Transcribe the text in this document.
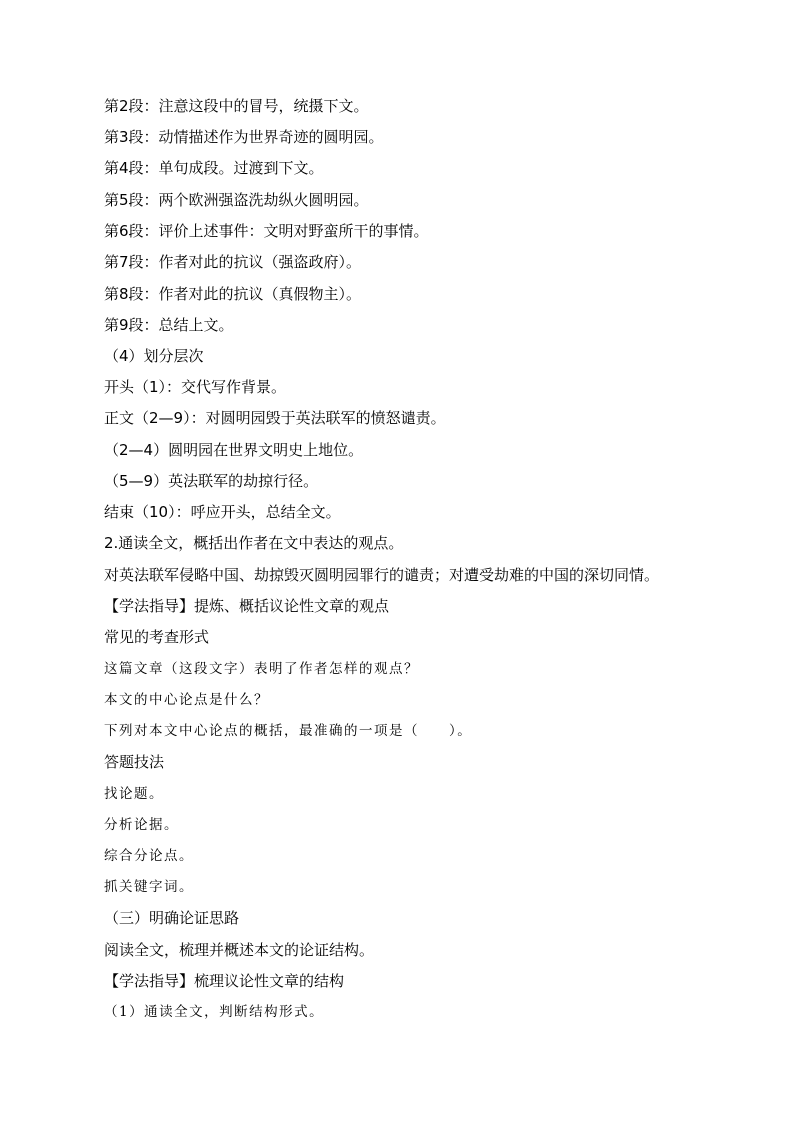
第2段：注意这段中的冒号，统摄下文。
第3段：动情描述作为世界奇迹的圆明园。
第4段：单句成段。过渡到下文。
第5段：两个欧洲强盗洗劫纵火圆明园。
第6段：评价上述事件：文明对野蛮所干的事情。
第7段：作者对此的抗议（强盗政府）。
第8段：作者对此的抗议（真假物主）。
第9段：总结上文。
（4）划分层次
开头（1）：交代写作背景。
正文（2—9）：对圆明园毁于英法联军的愤怒谴责。
（2—4）圆明园在世界文明史上地位。
（5—9）英法联军的劫掠行径。
结束（10）：呼应开头，总结全文。
2.通读全文，概括出作者在文中表达的观点。
对英法联军侵略中国、劫掠毁灭圆明园罪行的谴责；对遭受劫难的中国的深切同情。
【学法指导】提炼、概括议论性文章的观点
常见的考查形式
这篇文章（这段文字）表明了作者怎样的观点？
本文的中心论点是什么？
下列对本文中心论点的概括，最准确的一项是（　　）。
答题技法
找论题。
分析论据。
综合分论点。
抓关键字词。
（三）明确论证思路
阅读全文，梳理并概述本文的论证结构。
【学法指导】梳理议论性文章的结构
（1）通读全文，判断结构形式。
